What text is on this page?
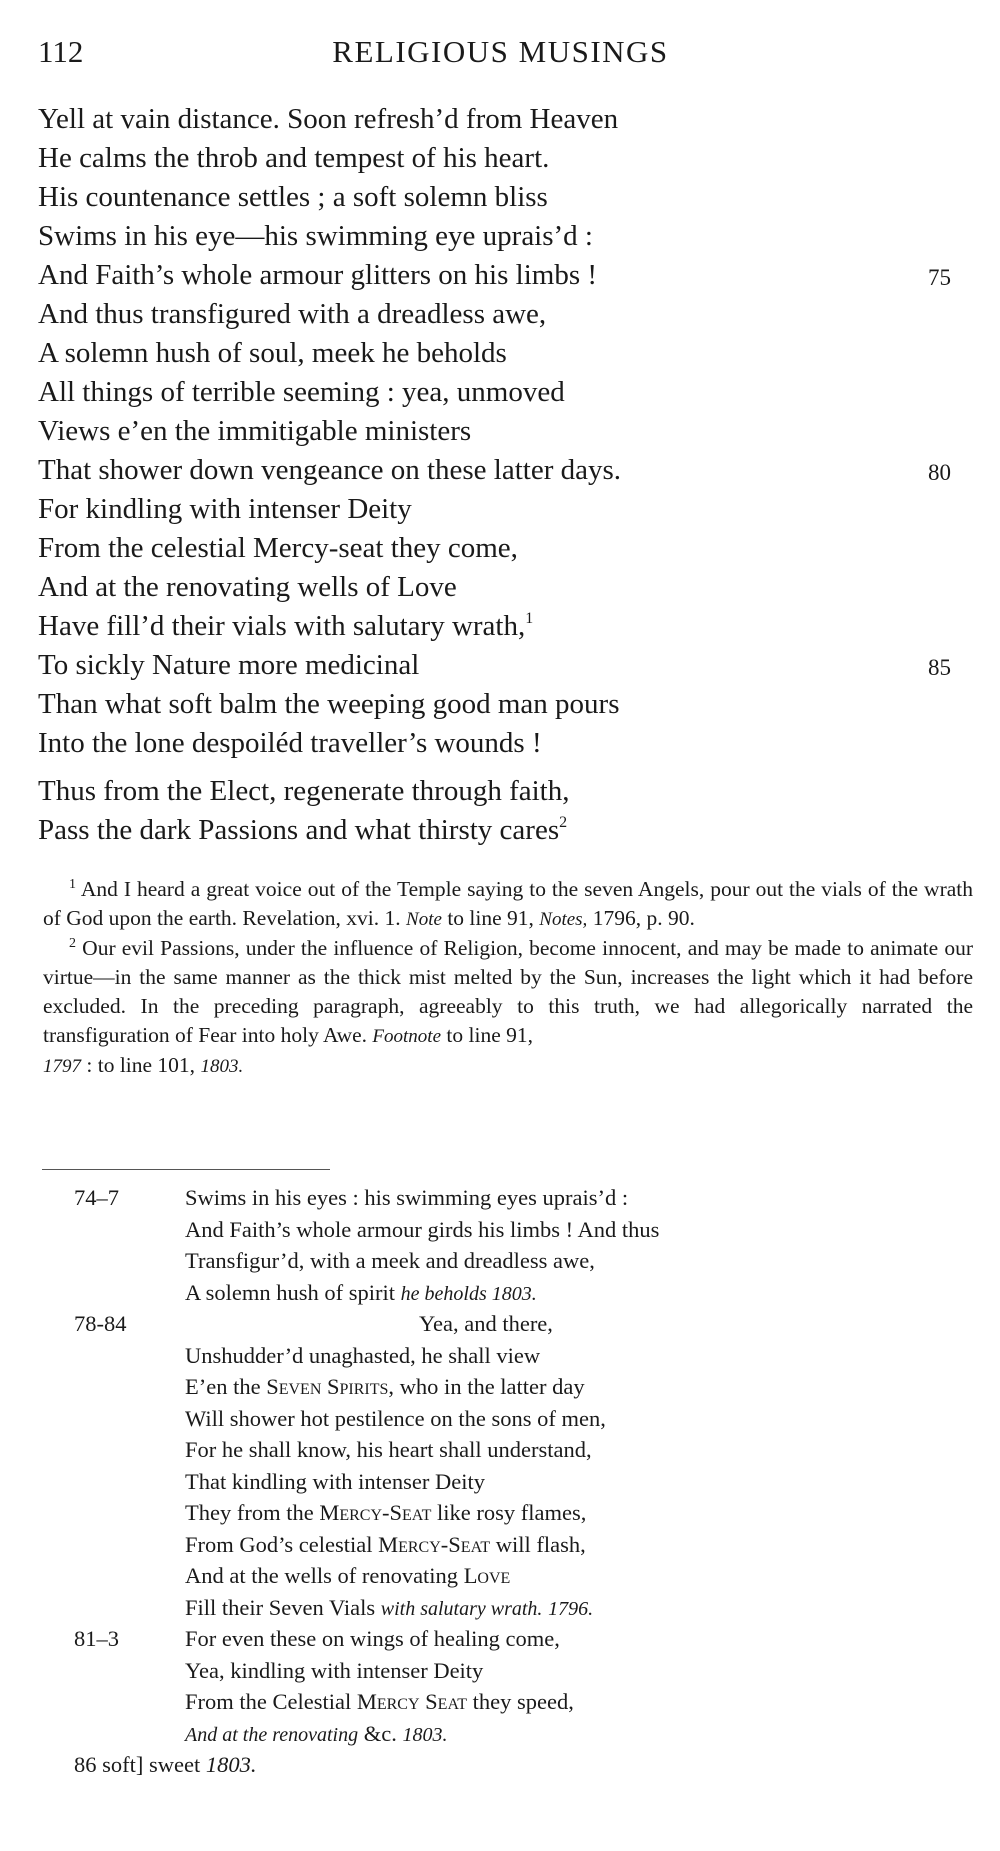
112	RELIGIOUS MUSINGS
Yell at vain distance. Soon refresh’d from Heaven
He calms the throb and tempest of his heart.
His countenance settles ; a soft solemn bliss
Swims in his eye—his swimming eye uprais’d :
And Faith’s whole armour glitters on his limbs !	75
And thus transfigured with a dreadless awe,
A solemn hush of soul, meek he beholds
All things of terrible seeming : yea, unmoved
Views e’en the immitigable ministers
That shower down vengeance on these latter days.	80
For kindling with intenser Deity
From the celestial Mercy-seat they come,
And at the renovating wells of Love
Have fill’d their vials with salutary wrath,$^1$
To sickly Nature more medicinal	85
Than what soft balm the weeping good man pours
Into the lone despoiléd traveller’s wounds !
Thus from the Elect, regenerate through faith,
Pass the dark Passions and what thirsty cares$^2$

$^1$ And I heard a great voice out of the Temple saying to the seven Angels, pour out the vials of the wrath of God upon the earth. Revelation, xvi. 1. Note to line 91, Notes, 1796, p. 90.

$^2$ Our evil Passions, under the influence of Religion, become innocent, and may be made to animate our virtue—in the same manner as the thick mist melted by the Sun, increases the light which it had before excluded. In the preceding paragraph, agreeably to this truth, we had allegorically narrated the transfiguration of Fear into holy Awe. Footnote to line 91,
1797 : to line 101, 1803.

74–7	Swims in his eyes : his swimming eyes uprais’d :
And Faith’s whole armour girds his limbs ! And thus
Transfigur’d, with a meek and dreadless awe,
A solemn hush of spirit he beholds 1803.
78-84	Yea, and there,
Unshudder’d unaghasted, he shall view
E’en the Seven Spirits, who in the latter day
Will shower hot pestilence on the sons of men,
For he shall know, his heart shall understand,
That kindling with intenser Deity
They from the Mercy-Seat like rosy flames,
From God’s celestial Mercy-Seat will flash,
And at the wells of renovating Love
Fill their Seven Vials with salutary wrath. 1796.
81–3	For even these on wings of healing come,
Yea, kindling with intenser Deity
From the Celestial Mercy Seat they speed,
And at the renovating &c. 1803.
86 soft] sweet 1803.
